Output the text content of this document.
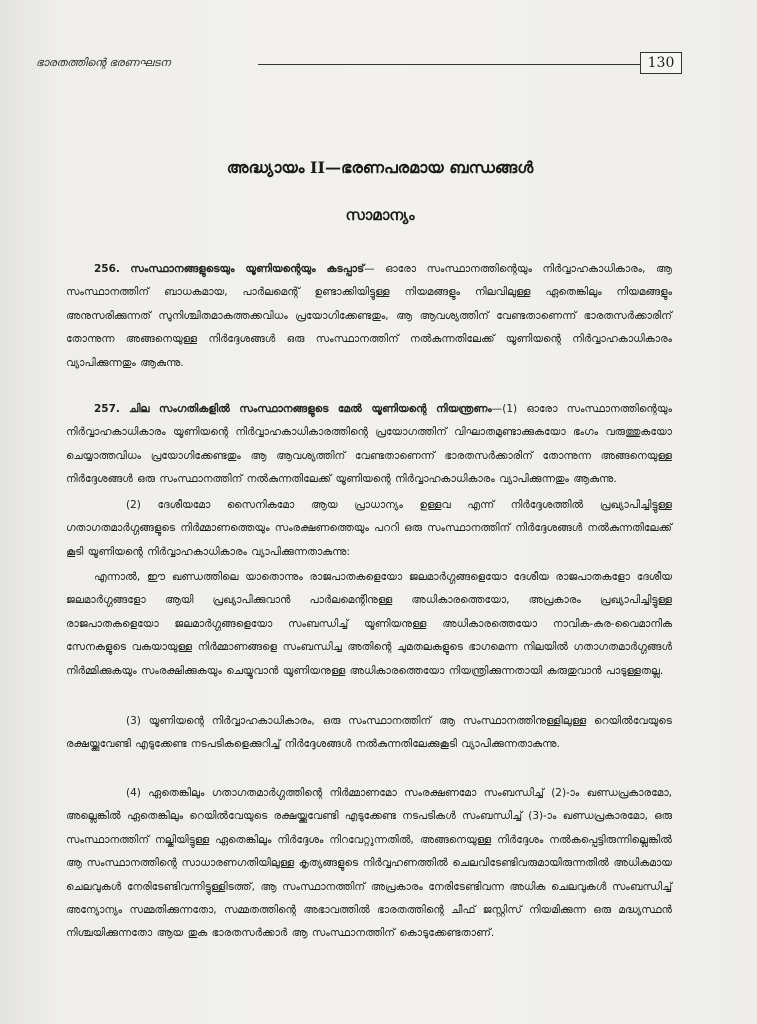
ഭാരതത്തിന്റെ ഭരണഘടന	130
അദ്ധ്യായം II—ഭരണപരമായ ബന്ധങ്ങൾ
സാമാന്യം

256. സംസ്ഥാനങ്ങളുടെയും യൂണിയന്റെയും കടപ്പാട്— ഓരോ സംസ്ഥാനത്തിന്റെയും നിർവ്വാഹകാധികാരം, ആ സംസ്ഥാനത്തിന് ബാധകമായ, പാർലമെന്റ് ഉണ്ടാക്കിയിട്ടുള്ള നിയമങ്ങളും നിലവിലുള്ള ഏതെങ്കിലും നിയമങ്ങളും അനുസരിക്കുന്നത് സുനിശ്ചിതമാകത്തക്കവിധം പ്രയോഗിക്കേണ്ടതും, ആ ആവശ്യത്തിന് വേണ്ടതാണെന്ന് ഭാരതസർക്കാരിന് തോന്നുന്ന അങ്ങനെയുള്ള നിർദ്ദേശങ്ങൾ ഒരു സംസ്ഥാനത്തിന് നൽകുന്നതിലേക്ക് യൂണിയന്റെ നിർവ്വാഹകാധികാരം വ്യാപിക്കുന്നതും ആകുന്നു.

257. ചില സംഗതികളിൽ സംസ്ഥാനങ്ങളുടെ മേൽ യൂണിയന്റെ നിയന്ത്രണം—(1) ഓരോ സംസ്ഥാനത്തിന്റെയും നിർവ്വാഹകാധികാരം യൂണിയന്റെ നിർവ്വാഹകാധികാരത്തിന്റെ പ്രയോഗത്തിന് വിഘാതമുണ്ടാക്കുകയോ ഭംഗം വരുത്തുകയോ ചെയ്യാത്തവിധം പ്രയോഗിക്കേണ്ടതും ആ ആവശ്യത്തിന് വേണ്ടതാണെന്ന് ഭാരതസർക്കാരിന് തോന്നുന്ന അങ്ങനെയുള്ള നിർദ്ദേശങ്ങൾ ഒരു സംസ്ഥാനത്തിന് നൽകുന്നതിലേക്ക് യൂണിയന്റെ നിർവ്വാഹകാധികാരം വ്യാപിക്കുന്നതും ആകുന്നു.

(2) ദേശീയമോ സൈനികമോ ആയ പ്രാധാന്യം ഉള്ളവ എന്ന് നിർദ്ദേശത്തിൽ പ്രഖ്യാപിച്ചിട്ടുള്ള ഗതാഗതമാർഗ്ഗങ്ങളുടെ നിർമ്മാണത്തെയും സംരക്ഷണത്തെയും പററി ഒരു സംസ്ഥാനത്തിന് നിർദ്ദേശങ്ങൾ നൽകുന്നതിലേക്ക് കൂടി യൂണിയന്റെ നിർവ്വാഹകാധികാരം വ്യാപിക്കുന്നതാകുന്നു:

എന്നാൽ, ഈ ഖണ്ഡത്തിലെ യാതൊന്നും രാജപാതകളെയോ ജലമാർഗ്ഗങ്ങളെയോ ദേശീയ രാജപാതകളോ ദേശീയ ജലമാർഗ്ഗങ്ങളോ ആയി പ്രഖ്യാപിക്കുവാൻ പാർലമെന്റിനുള്ള അധികാരത്തെയോ, അപ്രകാരം പ്രഖ്യാപിച്ചിട്ടുള്ള രാജപാതകളെയോ ജലമാർഗ്ഗങ്ങളെയോ സംബന്ധിച്ച് യൂണിയനുള്ള അധികാരത്തെയോ നാവിക-കര-വൈമാനിക സേനകളുടെ വകയായുള്ള നിർമ്മാണങ്ങളെ സംബന്ധിച്ച അതിന്റെ ചുമതലകളുടെ ഭാഗമെന്ന നിലയിൽ ഗതാഗതമാർഗ്ഗങ്ങൾ നിർമ്മിക്കുകയും സംരക്ഷിക്കുകയും ചെയ്യുവാൻ യൂണിയനുള്ള അധികാരത്തെയോ നിയന്ത്രിക്കുന്നതായി കരുതുവാൻ പാടുള്ളതല്ല.

(3) യൂണിയന്റെ നിർവ്വാഹകാധികാരം, ഒരു സംസ്ഥാനത്തിന് ആ സംസ്ഥാനത്തിനുള്ളിലുള്ള റെയിൽവേയുടെ രക്ഷയ്ക്കുവേണ്ടി എടുക്കേണ്ട നടപടികളെക്കുറിച്ച് നിർദ്ദേശങ്ങൾ നൽകുന്നതിലേക്കുകൂടി വ്യാപിക്കുന്നതാകുന്നു.

(4) ഏതെങ്കിലും ഗതാഗതമാർഗ്ഗത്തിന്റെ നിർമ്മാണമോ സംരക്ഷണമോ സംബന്ധിച്ച് (2)-ാം ഖണ്ഡപ്രകാരമോ, അല്ലെങ്കിൽ ഏതെങ്കിലും റെയിൽവേയുടെ രക്ഷയ്ക്കുവേണ്ടി എടുക്കേണ്ട നടപടികൾ സംബന്ധിച്ച് (3)-ാം ഖണ്ഡപ്രകാരമോ, ഒരു സംസ്ഥാനത്തിന് നല്കിയിട്ടുള്ള ഏതെങ്കിലും നിർദ്ദേശം നിറവേറ്റുന്നതിൽ, അങ്ങനെയുള്ള നിർദ്ദേശം നൽകപ്പെട്ടിരുന്നില്ലെങ്കിൽ ആ സംസ്ഥാനത്തിന്റെ സാധാരണഗതിയിലുള്ള കൃത്യങ്ങളുടെ നിർവ്വഹണത്തിൽ ചെലവിടേണ്ടിവരുമായിരുന്നതിൽ അധികമായ ചെലവുകൾ നേരിടേണ്ടിവന്നിട്ടുള്ളിടത്ത്, ആ സംസ്ഥാനത്തിന് അപ്രകാരം നേരിടേണ്ടിവന്ന അധിക ചെലവുകൾ സംബന്ധിച്ച് അന്യോന്യം സമ്മതിക്കുന്നതോ, സമ്മതത്തിന്റെ അഭാവത്തിൽ ഭാരതത്തിന്റെ ചീഫ് ജസ്റ്റിസ് നിയമിക്കുന്ന ഒരു മദ്ധ്യസ്ഥൻ നിശ്ചയിക്കുന്നതോ ആയ തുക ഭാരതസർക്കാർ ആ സംസ്ഥാനത്തിന് കൊടുക്കേണ്ടതാണ്.
